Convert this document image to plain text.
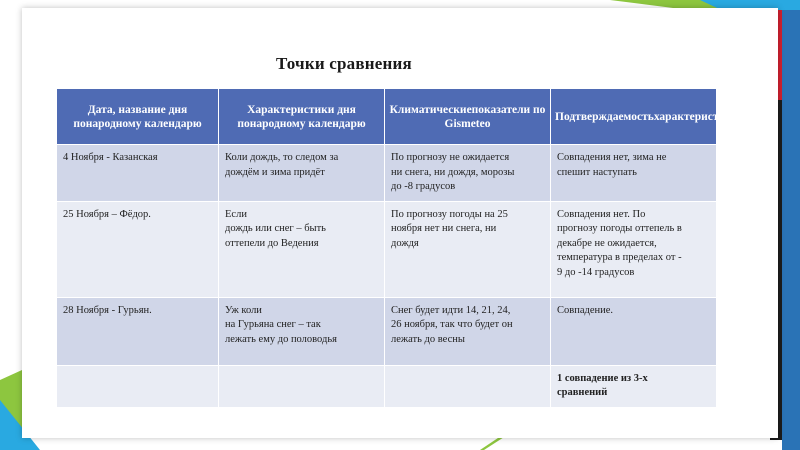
Точки сравнения
Дата, название дня понародному календарю	Характеристики дня понародному календарю	Климатическиепоказатели по Gismeteo	Подтверждаемостьхарактеристик

4 Ноября - Казанская	Коли дождь, то следом за
дождём и зима придёт	По прогнозу не ожидается
ни снега, ни дождя, морозы
до -8 градусов	Совпадения нет, зима не
спешит наступать

25 Ноября – Фёдор.	Если
дождь или снег – быть
оттепели до Ведения	По прогнозу погоды на 25
ноября нет ни снега, ни
дождя	Совпадения нет. По
прогнозу погоды оттепель в
декабре не ожидается,
температура в пределах от -
9 до -14 градусов

28 Ноября - Гурьян.	Уж коли
на Гурьяна снег – так
лежать ему до половодья	Снег будет идти 14, 21, 24,
26 ноября, так что будет он
лежать до весны	Совпадение.

			1 совпадение из 3-х
сравнений
